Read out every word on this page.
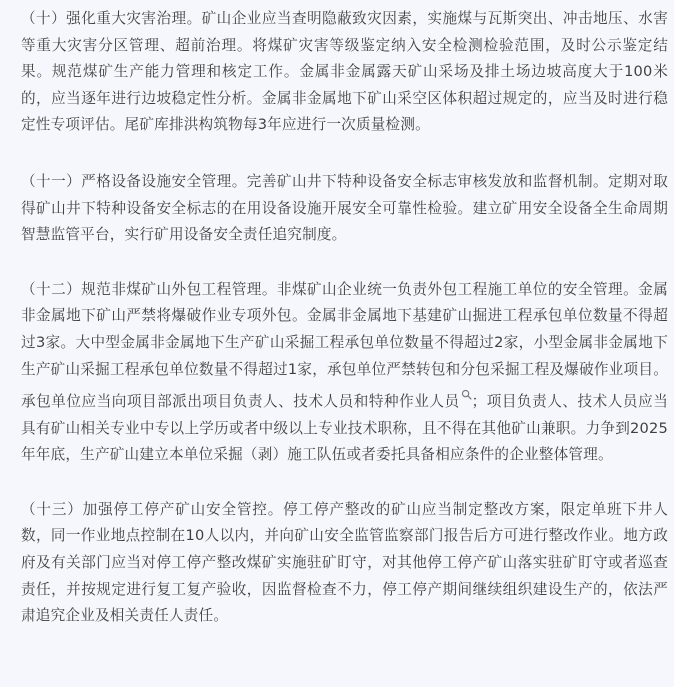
（十）强化重大灾害治理。矿山企业应当查明隐蔽致灾因素，实施煤与瓦斯突出、冲击地压、水害等重大灾害分区管理、超前治理。将煤矿灾害等级鉴定纳入安全检测检验范围，及时公示鉴定结果。规范煤矿生产能力管理和核定工作。金属非金属露天矿山采场及排土场边坡高度大于100米的，应当逐年进行边坡稳定性分析。金属非金属地下矿山采空区体积超过规定的，应当及时进行稳定性专项评估。尾矿库排洪构筑物每3年应进行一次质量检测。

（十一）严格设备设施安全管理。完善矿山井下特种设备安全标志审核发放和监督机制。定期对取得矿山井下特种设备安全标志的在用设备设施开展安全可靠性检验。建立矿用安全设备全生命周期智慧监管平台，实行矿用设备安全责任追究制度。

（十二）规范非煤矿山外包工程管理。非煤矿山企业统一负责外包工程施工单位的安全管理。金属非金属地下矿山严禁将爆破作业专项外包。金属非金属地下基建矿山掘进工程承包单位数量不得超过3家。大中型金属非金属地下生产矿山采掘工程承包单位数量不得超过2家，小型金属非金属地下生产矿山采掘工程承包单位数量不得超过1家，承包单位严禁转包和分包采掘工程及爆破作业项目。承包单位应当向项目部派出项目负责人、技术人员和特种作业人员 ；项目负责人、技术人员应当具有矿山相关专业中专以上学历或者中级以上专业技术职称，且不得在其他矿山兼职。力争到2025年年底，生产矿山建立本单位采掘（剥）施工队伍或者委托具备相应条件的企业整体管理。

（十三）加强停工停产矿山安全管控。停工停产整改的矿山应当制定整改方案，限定单班下井人数，同一作业地点控制在10人以内，并向矿山安全监管监察部门报告后方可进行整改作业。地方政府及有关部门应当对停工停产整改煤矿实施驻矿盯守，对其他停工停产矿山落实驻矿盯守或者巡查责任，并按规定进行复工复产验收，因监督检查不力，停工停产期间继续组织建设生产的，依法严肃追究企业及相关责任人责任。
